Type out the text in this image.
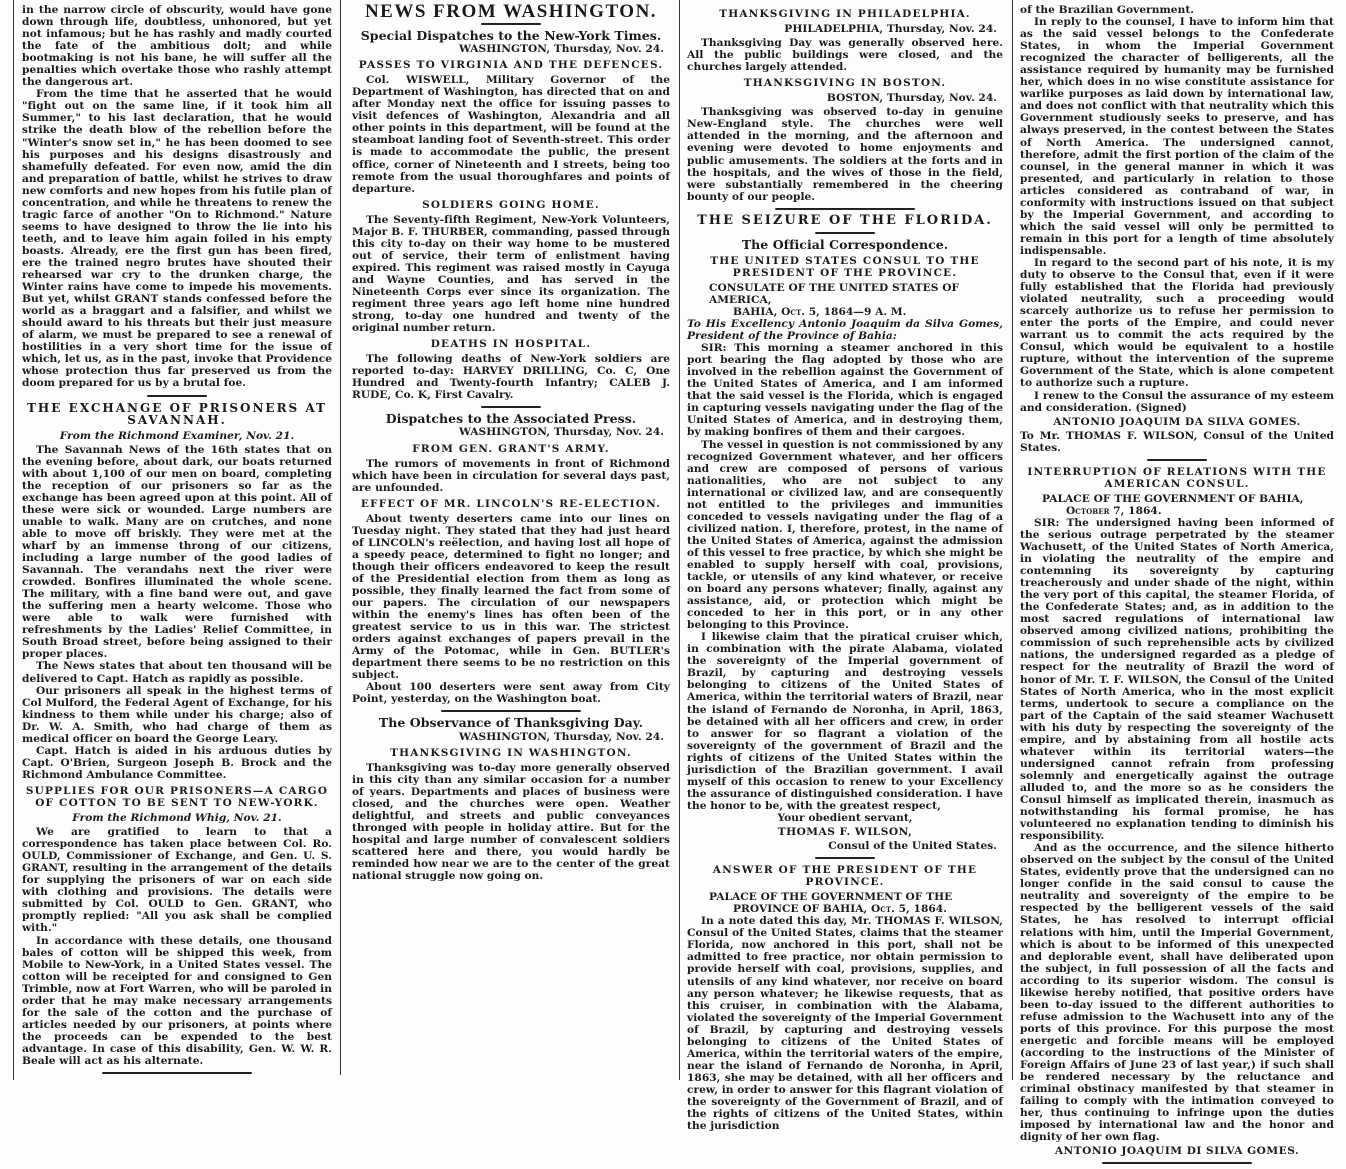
in the narrow circle of obscurity, would have gone down through life, doubtless, unhonored, but yet not infamous; but he has rashly and madly courted the fate of the ambitious dolt; and while bootmaking is not his bane, he will suffer all the penalties which overtake those who rashly attempt the dangerous art.

From the time that he asserted that he would "fight out on the same line, if it took him all Summer," to his last declaration, that he would strike the death blow of the rebellion before the "Winter's snow set in," he has been doomed to see his purposes and his designs disastrously and shamefully defeated. For even now, amid the din and preparation of battle, whilst he strives to draw new comforts and new hopes from his futile plan of concentration, and while he threatens to renew the tragic farce of another "On to Richmond." Nature seems to have designed to throw the lie into his teeth, and to leave him again foiled in his empty boasts. Already, ere the first gun has been fired, ere the trained negro brutes have shouted their rehearsed war cry to the drunken charge, the Winter rains have come to impede his movements. But yet, whilst GRANT stands confessed before the world as a braggart and a falsifier, and whilst we should award to his threats but their just measure of alarm, we must be prepared to see a renewal of hostilities in a very short time for the issue of which, let us, as in the past, invoke that Providence whose protection thus far preserved us from the doom prepared for us by a brutal foe.

THE EXCHANGE OF PRISONERS AT SAVANNAH.
From the Richmond Examiner, Nov. 21.

The Savannah News of the 16th states that on the evening before, about dark, our boats returned with about 1,100 of our men on board, completing the reception of our prisoners so far as the exchange has been agreed upon at this point. All of these were sick or wounded. Large numbers are unable to walk. Many are on crutches, and none able to move off briskly. They were met at the wharf by an immense throng of our citizens, including a large number of the good ladies of Savannah. The verandahs next the river were crowded. Bonfires illuminated the whole scene. The military, with a fine band were out, and gave the suffering men a hearty welcome. Those who were able to walk were furnished with refreshments by the Ladies' Relief Committee, in South Broad street, before being assigned to their proper places.

The News states that about ten thousand will be delivered to Capt. Hatch as rapidly as possible.

Our prisoners all speak in the highest terms of Col Mulford, the Federal Agent of Exchange, for his kindness to them while under his charge; also of Dr. W. A. Smith, who had charge of them as medical officer on board the George Leary.

Capt. Hatch is aided in his arduous duties by Capt. O'Brien, Surgeon Joseph B. Brock and the Richmond Ambulance Committee.

SUPPLIES FOR OUR PRISONERS—A CARGO OF COTTON TO BE SENT TO NEW-YORK.
From the Richmond Whig, Nov. 21.

We are gratified to learn to that a correspondence has taken place between Col. Ro. OULD, Commissioner of Exchange, and Gen. U. S. GRANT, resulting in the arrangement of the details for supplying the prisoners of war on each side with clothing and provisions. The details were submitted by Col. OULD to Gen. GRANT, who promptly replied: "All you ask shall be complied with."

In accordance with these details, one thousand bales of cotton will be shipped this week, from Mobile to New-York, in a United States vessel. The cotton will be receipted for and consigned to Gen Trimble, now at Fort Warren, who will be paroled in order that he may make necessary arrangements for the sale of the cotton and the purchase of articles needed by our prisoners, at points where the proceeds can be expended to the best advantage. In case of this disability, Gen. W. W. R. Beale will act as his alternate.

NEWS FROM WASHINGTON.
Special Dispatches to the New-York Times.
WASHINGTON, Thursday, Nov. 24.
PASSES TO VIRGINIA AND THE DEFENCES.

Col. WISWELL, Military Governor of the Department of Washington, has directed that on and after Monday next the office for issuing passes to visit defences of Washington, Alexandria and all other points in this department, will be found at the steamboat landing foot of Seventh-street. This order is made to accommodate the public, the present office, corner of Nineteenth and I streets, being too remote from the usual thoroughfares and points of departure.

SOLDIERS GOING HOME.

The Seventy-fifth Regiment, New-York Volunteers, Major B. F. THURBER, commanding, passed through this city to-day on their way home to be mustered out of service, their term of enlistment having expired. This regiment was raised mostly in Cayuga and Wayne Counties, and has served in the Nineteenth Corps ever since its organization. The regiment three years ago left home nine hundred strong, to-day one hundred and twenty of the original number return.

DEATHS IN HOSPITAL.

The following deaths of New-York soldiers are reported to-day: HARVEY DRILLING, Co. C, One Hundred and Twenty-fourth Infantry; CALEB J. RUDE, Co. K, First Cavalry.

Dispatches to the Associated Press.
WASHINGTON, Thursday, Nov. 24.
FROM GEN. GRANT'S ARMY.

The rumors of movements in front of Richmond which have been in circulation for several days past, are unfounded.

EFFECT OF MR. LINCOLN'S RE-ELECTION.

About twenty deserters came into our lines on Tuesday night. They stated that they had just heard of LINCOLN's reëlection, and having lost all hope of a speedy peace, determined to fight no longer; and though their officers endeavored to keep the result of the Presidential election from them as long as possible, they finally learned the fact from some of our papers. The circulation of our newspapers within the enemy's lines has often been of the greatest service to us in this war. The strictest orders against exchanges of papers prevail in the Army of the Potomac, while in Gen. BUTLER's department there seems to be no restriction on this subject.

About 100 deserters were sent away from City Point, yesterday, on the Washington boat.

The Observance of Thanksgiving Day.
WASHINGTON, Thursday, Nov. 24.
THANKSGIVING IN WASHINGTON.

Thanksgiving was to-day more generally observed in this city than any similar occasion for a number of years. Departments and places of business were closed, and the churches were open. Weather delightful, and streets and public conveyances thronged with people in holiday attire. But for the hospital and large number of convalescent soldiers scattered here and there, you would hardly be reminded how near we are to the center of the great national struggle now going on.

THANKSGIVING IN PHILADELPHIA.
PHILADELPHIA, Thursday, Nov. 24.

Thanksgiving Day was generally observed here. All the public buildings were closed, and the churches largely attended.

THANKSGIVING IN BOSTON.
BOSTON, Thursday, Nov. 24.

Thanksgiving was observed to-day in genuine New-England style. The churches were well attended in the morning, and the afternoon and evening were devoted to home enjoyments and public amusements. The soldiers at the forts and in the hospitals, and the wives of those in the field, were substantially remembered in the cheering bounty of our people.

THE SEIZURE OF THE FLORIDA.
The Official Correspondence.
THE UNITED STATES CONSUL TO THE PRESIDENT OF THE PROVINCE.
CONSULATE OF THE UNITED STATES OF AMERICA,
BAHIA, Oct. 5, 1864—9 A. M.

To His Excellency Antonio Joaquim da Silva Gomes, President of the Province of Bahia:

SIR: This morning a steamer anchored in this port bearing the flag adopted by those who are involved in the rebellion against the Government of the United States of America, and I am informed that the said vessel is the Florida, which is engaged in capturing vessels navigating under the flag of the United States of America, and in destroying them, by making bonfires of them and their cargoes.

The vessel in question is not commissioned by any recognized Government whatever, and her officers and crew are composed of persons of various nationalities, who are not subject to any international or civilized law, and are consequently not entitled to the privileges and immunities conceded to vessels navigating under the flag of a civilized nation. I, therefore, protest, in the name of the United States of America, against the admission of this vessel to free practice, by which she might be enabled to supply herself with coal, provisions, tackle, or utensils of any kind whatever, or receive on board any persons whatever; finally, against any assistance, aid, or protection which might be conceded to her in this port, or in any other belonging to this Province.

I likewise claim that the piratical cruiser which, in combination with the pirate Alabama, violated the sovereignty of the Imperial government of Brazil, by capturing and destroying vessels belonging to citizens of the United States of America, within the territorial waters of Brazil, near the island of Fernando de Noronha, in April, 1863, be detained with all her officers and crew, in order to answer for so flagrant a violation of the sovereignty of the government of Brazil and the rights of citizens of the United States within the jurisdiction of the Brazilian government. I avail myself of this occasion to renew to your Excellency the assurance of distinguished consideration. I have the honor to be, with the greatest respect,

Your obedient servant,
THOMAS F. WILSON,
Consul of the United States.
ANSWER OF THE PRESIDENT OF THE PROVINCE.
PALACE OF THE GOVERNMENT OF THE
PROVINCE OF BAHIA, Oct. 5, 1864.

In a note dated this day, Mr. THOMAS F. WILSON, Consul of the United States, claims that the steamer Florida, now anchored in this port, shall not be admitted to free practice, nor obtain permission to provide herself with coal, provisions, supplies, and utensils of any kind whatever, nor receive on board any person whatever; he likewise requests, that as this cruiser, in combination with the Alabama, violated the sovereignty of the Imperial Government of Brazil, by capturing and destroying vessels belonging to citizens of the United States of America, within the territorial waters of the empire, near the island of Fernando de Noronha, in April, 1863, she may be detained, with all her officers and crew, in order to answer for this flagrant violation of the sovereignty of the Government of Brazil, and of the rights of citizens of the United States, within the jurisdiction

of the Brazilian Government.

In reply to the counsel, I have to inform him that as the said vessel belongs to the Confederate States, in whom the Imperial Government recognized the character of belligerents, all the assistance required by humanity may be furnished her, which does in no wise constitute assistance for warlike purposes as laid down by international law, and does not conflict with that neutrality which this Government studiously seeks to preserve, and has always preserved, in the contest between the States of North America. The undersigned cannot, therefore, admit the first portion of the claim of the counsel, in the general manner in which it was presented, and particularly in relation to those articles considered as contraband of war, in conformity with instructions issued on that subject by the Imperial Government, and according to which the said vessel will only be permitted to remain in this port for a length of time absolutely indispensable.

In regard to the second part of his note, it is my duty to observe to the Consul that, even if it were fully established that the Florida had previously violated neutrality, such a proceeding would scarcely authorize us to refuse her permission to enter the ports of the Empire, and could never warrant us to commit the acts required by the Consul, which would be equivalent to a hostile rupture, without the intervention of the supreme Government of the State, which is alone competent to authorize such a rupture.

I renew to the Consul the assurance of my esteem and consideration. (Signed)

ANTONIO JOAQUIM DA SILVA GOMES.

To Mr. THOMAS F. WILSON, Consul of the United States.

INTERRUPTION OF RELATIONS WITH THE AMERICAN CONSUL.
PALACE OF THE GOVERNMENT OF BAHIA,
October 7, 1864.

SIR: The undersigned having been informed of the serious outrage perpetrated by the steamer Wachusett, of the United States of North America, in violating the neutrality of the empire and contemning its sovereignty by capturing treacherously and under shade of the night, within the very port of this capital, the steamer Florida, of the Confederate States; and, as in addition to the most sacred regulations of international law observed among civilized nations, prohibiting the commission of such reprehensible acts by civilized nations, the undersigned regarded as a pledge of respect for the neutrality of Brazil the word of honor of Mr. T. F. WILSON, the Consul of the United States of North America, who in the most explicit terms, undertook to secure a compliance on the part of the Captain of the said steamer Wachusett with his duty by respecting the sovereignty of the empire, and by abstaining from all hostile acts whatever within its territorial waters—the undersigned cannot refrain from professing solemnly and energetically against the outrage alluded to, and the more so as he considers the Consul himself as implicated therein, inasmuch as notwithstanding his formal promise, he has volunteered no explanation tending to diminish his responsibility.

And as the occurrence, and the silence hitherto observed on the subject by the consul of the United States, evidently prove that the undersigned can no longer confide in the said consul to cause the neutrality and sovereignty of the empire to be respected by the belligerent vessels of the said States, he has resolved to interrupt official relations with him, until the Imperial Government, which is about to be informed of this unexpected and deplorable event, shall have deliberated upon the subject, in full possession of all the facts and according to its superior wisdom. The consul is likewise hereby notified, that positive orders have been to-day issued to the different authorities to refuse admission to the Wachusett into any of the ports of this province. For this purpose the most energetic and forcible means will be employed (according to the instructions of the Minister of Foreign Affairs of June 23 of last year,) if such shall be rendered necessary by the reluctance and criminal obstinacy manifested by that steamer in failing to comply with the intimation conveyed to her, thus continuing to infringe upon the duties imposed by international law and the honor and dignity of her own flag.

ANTONIO JOAQUIM DI SILVA GOMES.
